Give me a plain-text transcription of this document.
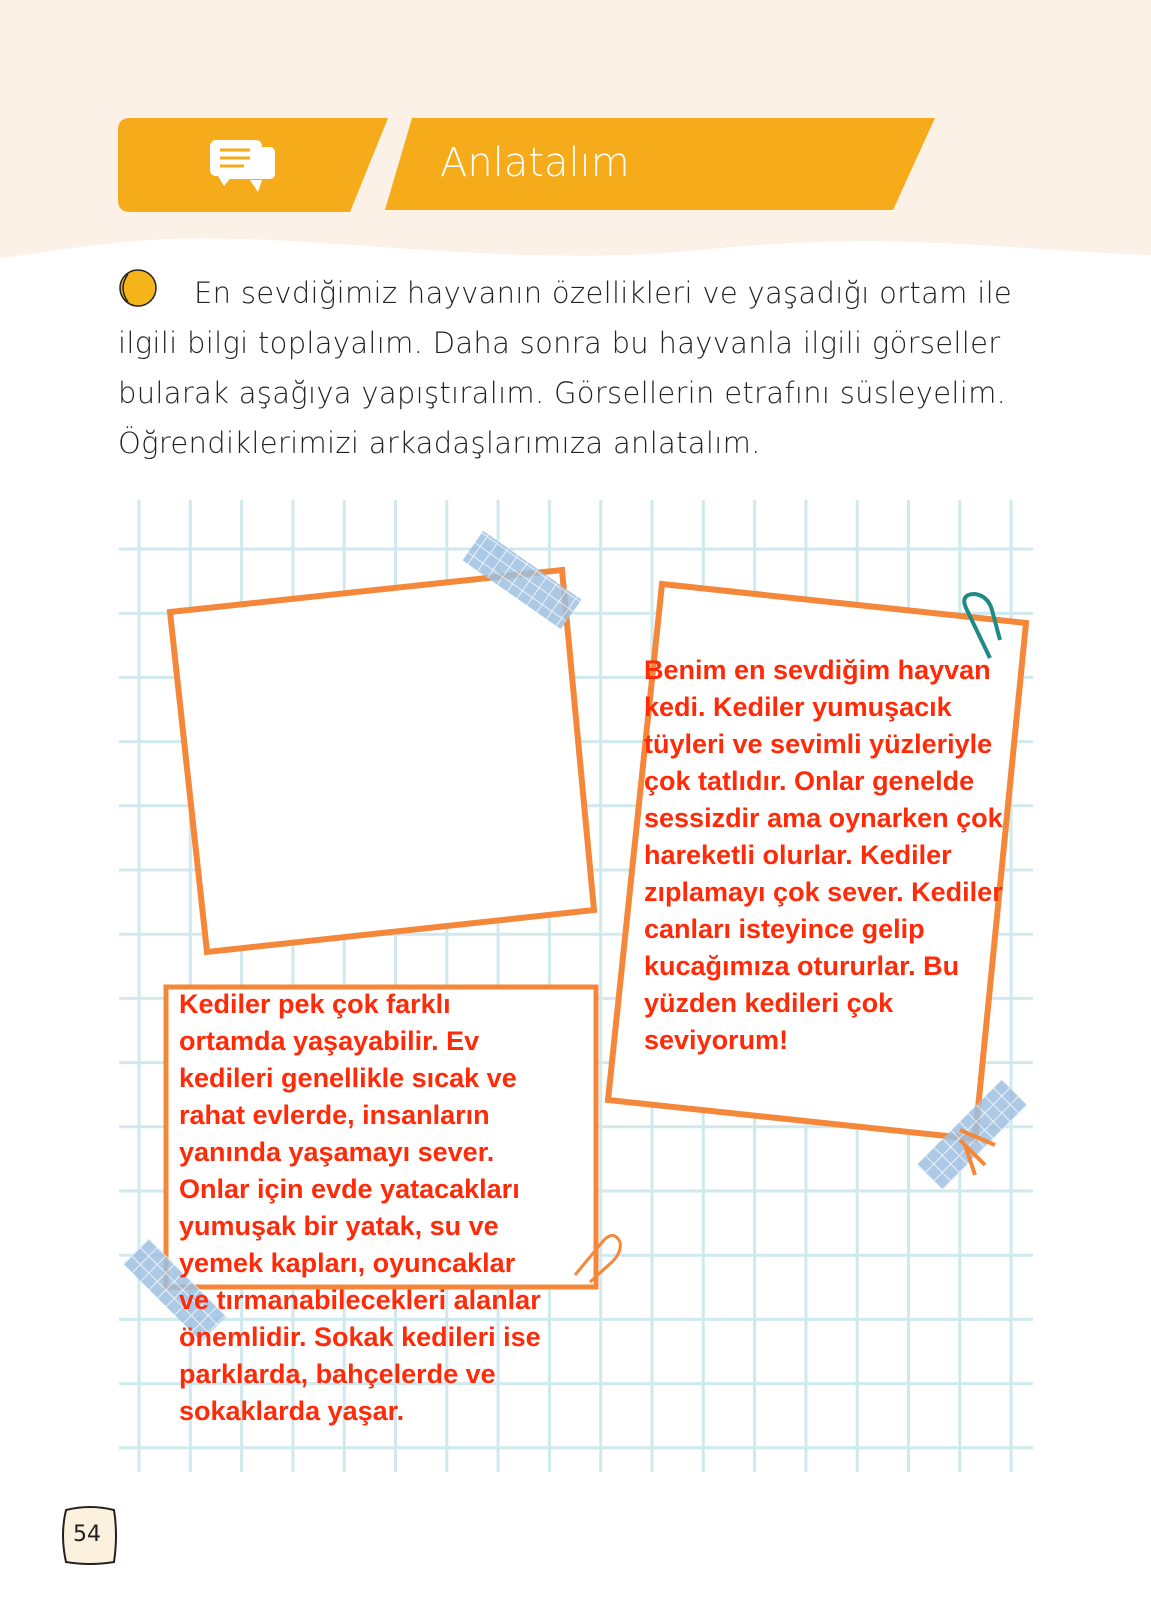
Anlatalım
En sevdiğimiz hayvanın özellikleri ve yaşadığı ortam ile
ilgili bilgi toplayalım. Daha sonra bu hayvanla ilgili görseller
bularak aşağıya yapıştıralım. Görsellerin etrafını süsleyelim.
Öğrendiklerimizi arkadaşlarımıza anlatalım.
Benim en sevdiğim hayvan
kedi. Kediler yumuşacık
tüyleri ve sevimli yüzleriyle
çok tatlıdır. Onlar genelde
sessizdir ama oynarken çok
hareketli olurlar. Kediler
zıplamayı çok sever. Kediler
canları isteyince gelip
kucağımıza otururlar. Bu
yüzden kedileri çok
seviyorum!
Kediler pek çok farklı
ortamda yaşayabilir. Ev
kedileri genellikle sıcak ve
rahat evlerde, insanların
yanında yaşamayı sever.
Onlar için evde yatacakları
yumuşak bir yatak, su ve
yemek kapları, oyuncaklar
ve tırmanabilecekleri alanlar
önemlidir. Sokak kedileri ise
parklarda, bahçelerde ve
sokaklarda yaşar.
54
